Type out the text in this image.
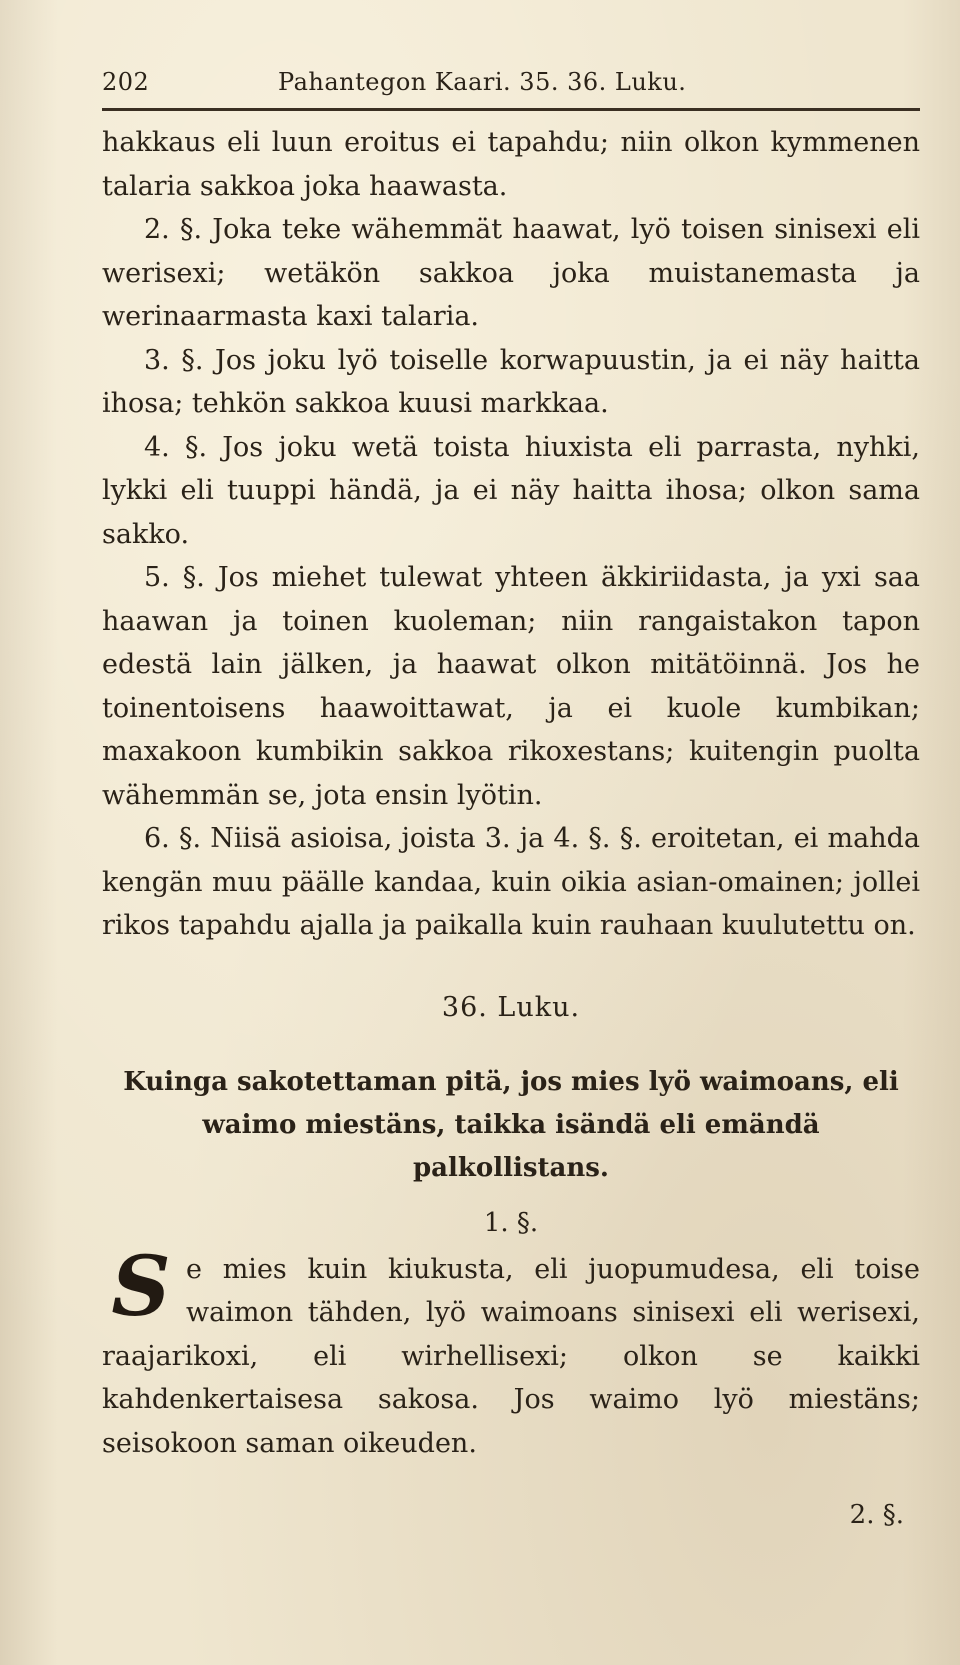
202	Pahantegon Kaari. 35. 36. Luku.

hakkaus eli luun eroitus ei tapahdu; niin olkon kymmenen talaria sakkoa joka haawasta.

2. §. Joka teke wähemmät haawat, lyö toisen sinisexi eli werisexi; wetäkön sakkoa joka muistanemasta ja werinaarmasta kaxi talaria.

3. §. Jos joku lyö toiselle korwapuustin, ja ei näy haitta ihosa; tehkön sakkoa kuusi markkaa.

4. §. Jos joku wetä toista hiuxista eli parrasta, nyhki, lykki eli tuuppi händä, ja ei näy haitta ihosa; olkon sama sakko.

5. §. Jos miehet tulewat yhteen äkkiriidasta, ja yxi saa haawan ja toinen kuoleman; niin rangaistakon tapon edestä lain jälken, ja haawat olkon mitätöinnä. Jos he toinentoisens haawoittawat, ja ei kuole kumbikan; maxakoon kumbikin sakkoa rikoxestans; kuitengin puolta wähemmän se, jota ensin lyötin.

6. §. Niisä asioisa, joista 3. ja 4. §. §. eroitetan, ei mahda kengän muu päälle kandaa, kuin oikia asian-omainen; jollei rikos tapahdu ajalla ja paikalla kuin rauhaan kuulutettu on.

36. Luku.

Kuinga sakotettaman pitä, jos mies lyö waimoans, eli waimo miestäns, taikka isändä eli emändä palkollistans.

1. §.
S e mies kuin kiukusta, eli juopumudesa, eli toise waimon tähden, lyö waimoans sinisexi eli werisexi, raajarikoxi, eli wirhellisexi; olkon se kaikki kahdenkertaisesa sakosa. Jos waimo lyö miestäns; seisokoon saman oikeuden.
2. §.
